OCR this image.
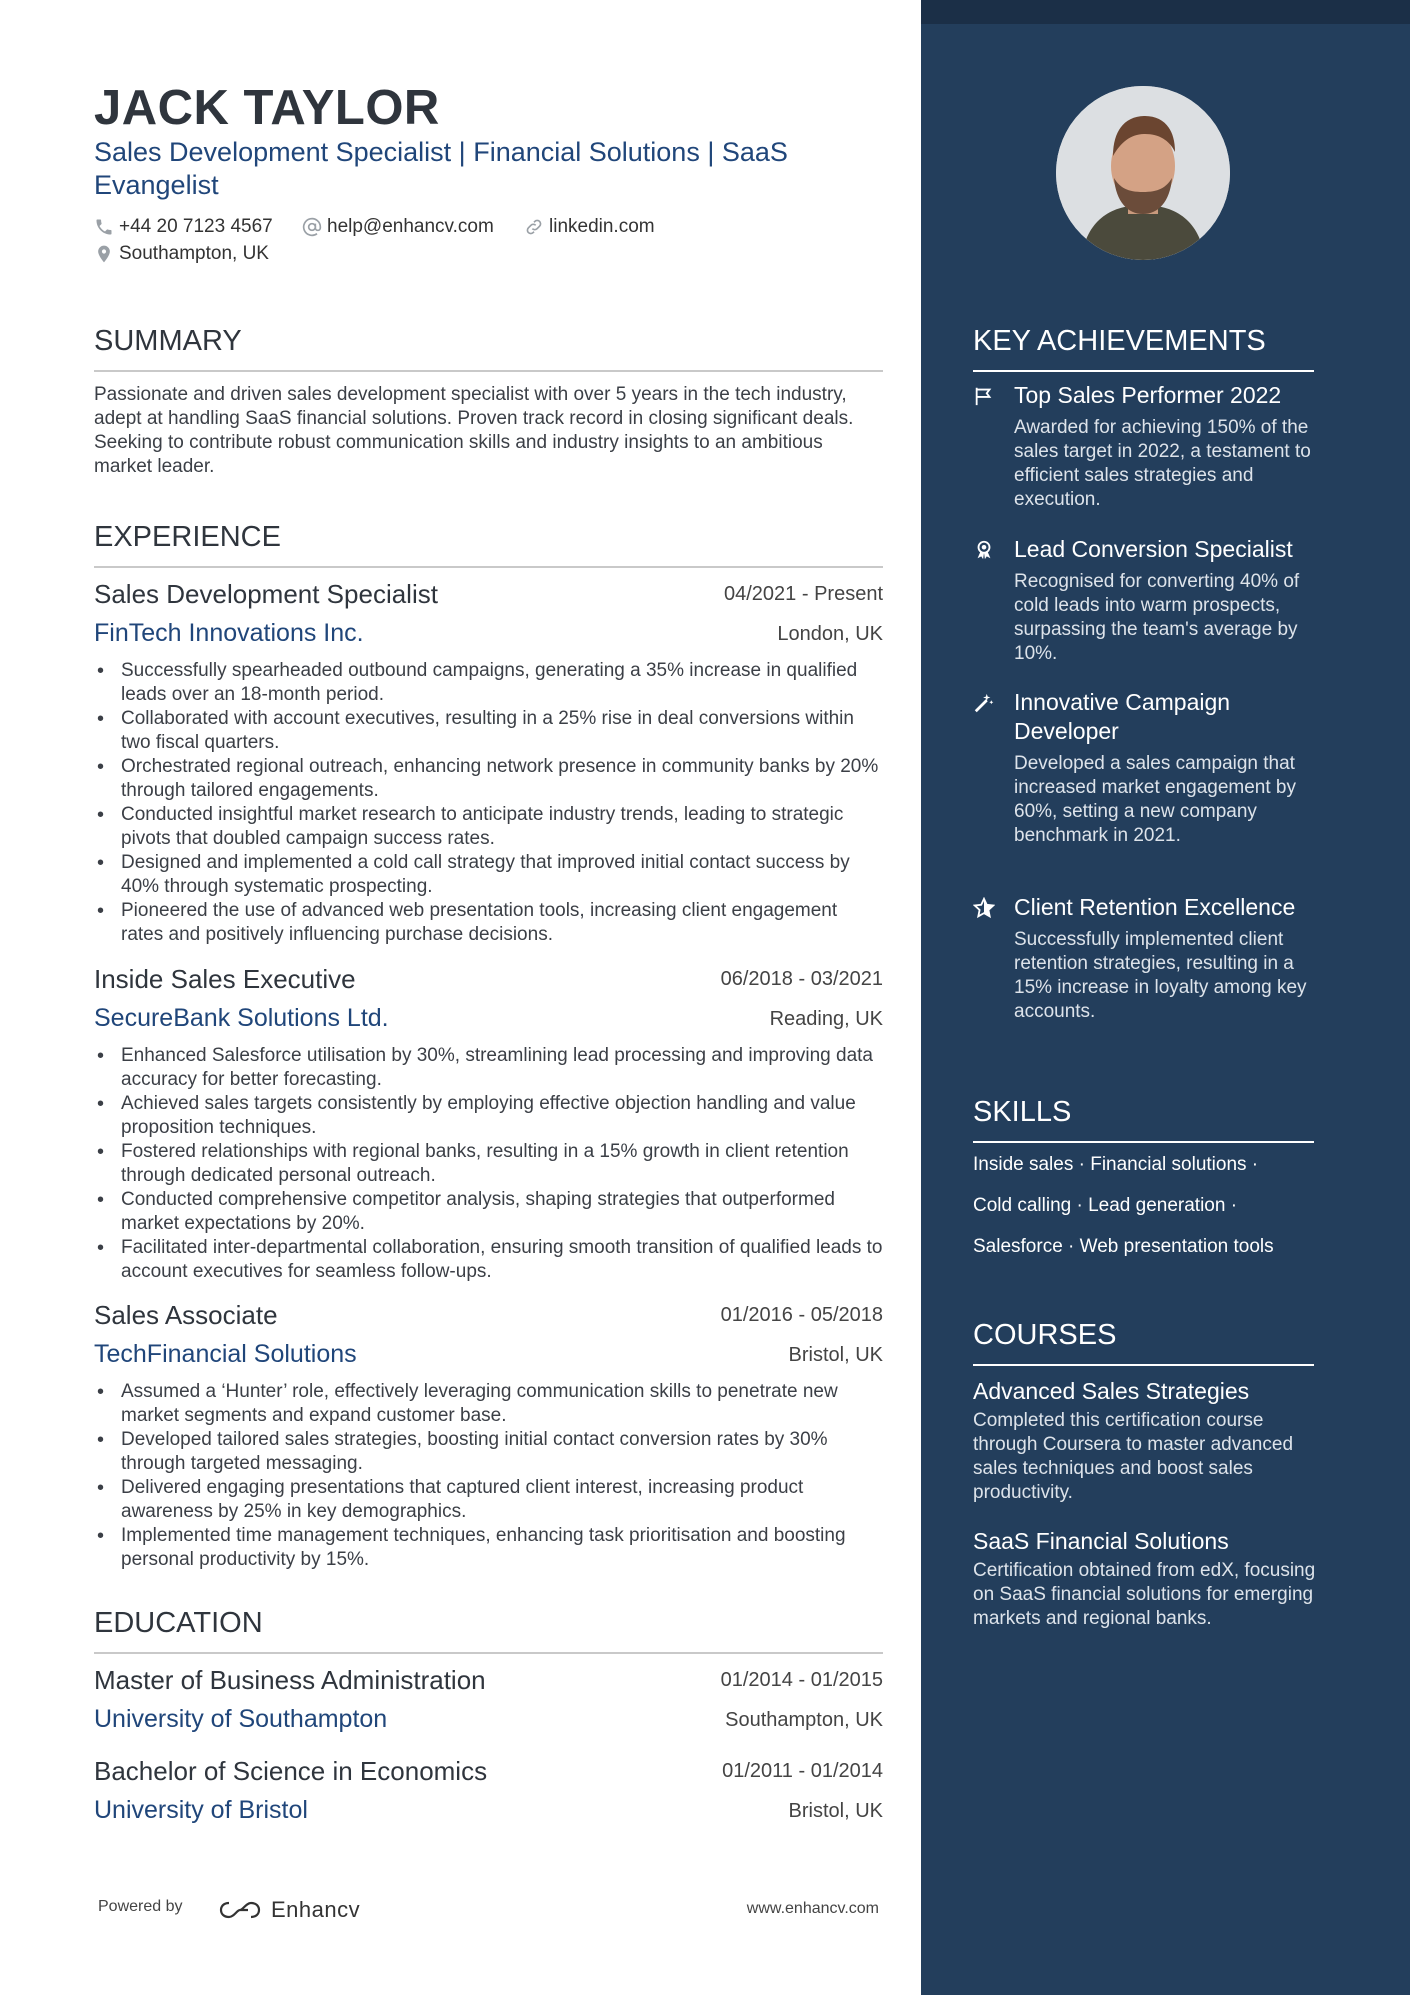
JACK TAYLOR
Sales Development Specialist | Financial Solutions | SaaS Evangelist
+44 20 7123 4567	help@enhancv.com	linkedin.com
Southampton, UK
SUMMARY
Passionate and driven sales development specialist with over 5 years in the tech industry, adept at handling SaaS financial solutions. Proven track record in closing significant deals. Seeking to contribute robust communication skills and industry insights to an ambitious market leader.
EXPERIENCE
Sales Development Specialist	04/2021 - Present
FinTech Innovations Inc.	London, UK
• Successfully spearheaded outbound campaigns, generating a 35% increase in qualified leads over an 18-month period.
• Collaborated with account executives, resulting in a 25% rise in deal conversions within two fiscal quarters.
• Orchestrated regional outreach, enhancing network presence in community banks by 20% through tailored engagements.
• Conducted insightful market research to anticipate industry trends, leading to strategic pivots that doubled campaign success rates.
• Designed and implemented a cold call strategy that improved initial contact success by 40% through systematic prospecting.
• Pioneered the use of advanced web presentation tools, increasing client engagement rates and positively influencing purchase decisions.
Inside Sales Executive	06/2018 - 03/2021
SecureBank Solutions Ltd.	Reading, UK
• Enhanced Salesforce utilisation by 30%, streamlining lead processing and improving data accuracy for better forecasting.
• Achieved sales targets consistently by employing effective objection handling and value proposition techniques.
• Fostered relationships with regional banks, resulting in a 15% growth in client retention through dedicated personal outreach.
• Conducted comprehensive competitor analysis, shaping strategies that outperformed market expectations by 20%.
• Facilitated inter-departmental collaboration, ensuring smooth transition of qualified leads to account executives for seamless follow-ups.
Sales Associate	01/2016 - 05/2018
TechFinancial Solutions	Bristol, UK
• Assumed a ‘Hunter’ role, effectively leveraging communication skills to penetrate new market segments and expand customer base.
• Developed tailored sales strategies, boosting initial contact conversion rates by 30% through targeted messaging.
• Delivered engaging presentations that captured client interest, increasing product awareness by 25% in key demographics.
• Implemented time management techniques, enhancing task prioritisation and boosting personal productivity by 15%.
EDUCATION
Master of Business Administration	01/2014 - 01/2015
University of Southampton	Southampton, UK
Bachelor of Science in Economics	01/2011 - 01/2014
University of Bristol	Bristol, UK
Powered by	Enhancv	www.enhancv.com
KEY ACHIEVEMENTS
Top Sales Performer 2022
Awarded for achieving 150% of the sales target in 2022, a testament to efficient sales strategies and execution.
Lead Conversion Specialist
Recognised for converting 40% of cold leads into warm prospects, surpassing the team's average by 10%.
Innovative Campaign Developer
Developed a sales campaign that increased market engagement by 60%, setting a new company benchmark in 2021.
Client Retention Excellence
Successfully implemented client retention strategies, resulting in a 15% increase in loyalty among key accounts.
SKILLS
Inside sales · Financial solutions ·
Cold calling · Lead generation ·
Salesforce · Web presentation tools
COURSES
Advanced Sales Strategies
Completed this certification course through Coursera to master advanced sales techniques and boost sales productivity.
SaaS Financial Solutions
Certification obtained from edX, focusing on SaaS financial solutions for emerging markets and regional banks.
